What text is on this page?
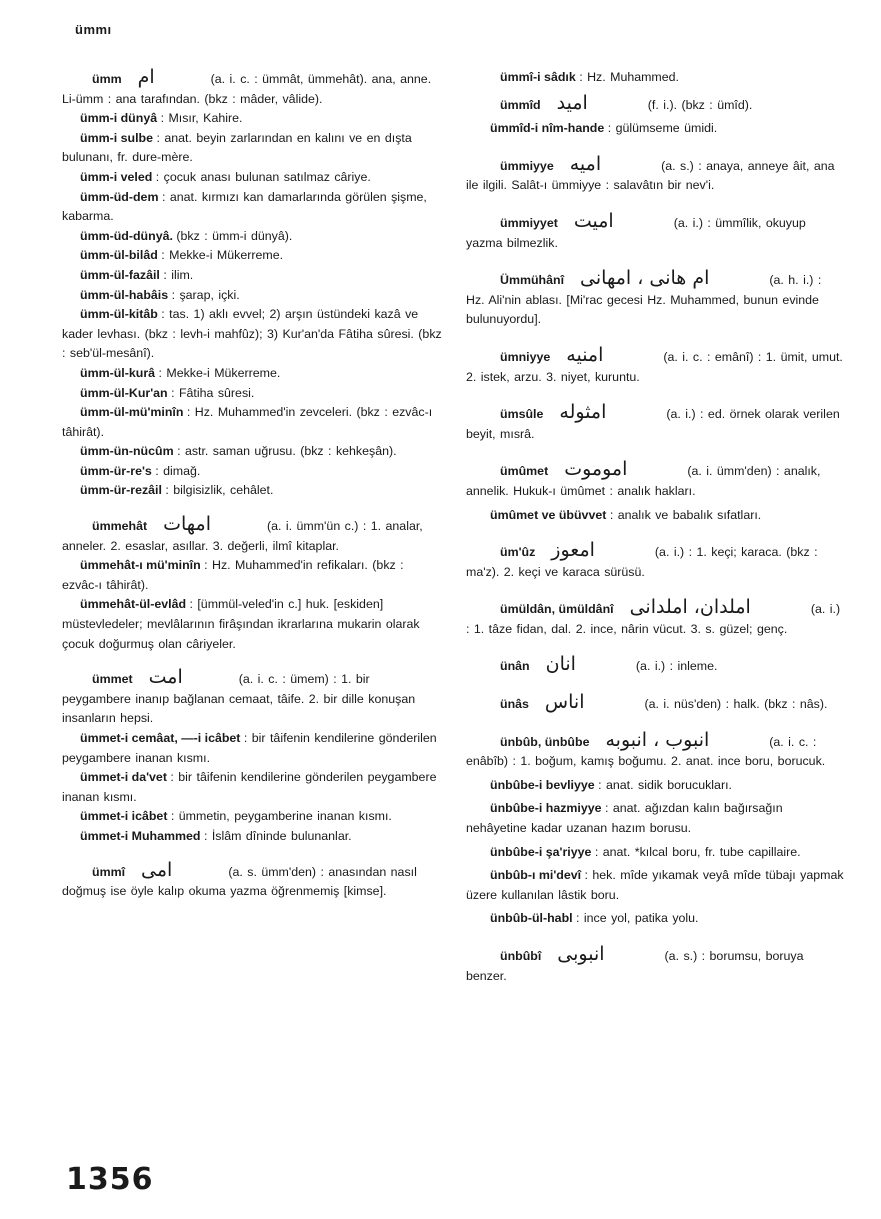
ümmı

ümm ام	(a. i. c. : ümmât, ümmehât). ana, anne. Li-ümm : ana tarafından. (bkz : mâder, vâlide).

ümm-i dünyâ : Mısır, Kahire.

ümm-i sulbe : anat. beyin zarlarından en kalını ve en dışta bulunanı, fr. dure-mère.

ümm-i veled : çocuk anası bulunan satılmaz câriye.

ümm-üd-dem : anat. kırmızı kan damarlarında görülen şişme, kabarma.

ümm-üd-dünyâ. (bkz : ümm-i dünyâ).

ümm-ül-bilâd : Mekke-i Mükerreme.

ümm-ül-fazâil : ilim.

ümm-ül-habâis : şarap, içki.

ümm-ül-kitâb : tas. 1) aklı evvel; 2) arşın üstündeki kazâ ve kader levhası. (bkz : levh-i mahfûz); 3) Kur'an'da Fâtiha sûresi. (bkz : seb'ül-mesânî).

ümm-ül-kurâ : Mekke-i Mükerreme.

ümm-ül-Kur'an : Fâtiha sûresi.

ümm-ül-mü'minîn : Hz. Muhammed'in zevceleri. (bkz : ezvâc-ı tâhirât).

ümm-ün-nücûm : astr. saman uğrusu. (bkz : kehkeşân).

ümm-ür-re's : dimağ.

ümm-ür-rezâil : bilgisizlik, cehâlet.

ümmehât امهات	(a. i. ümm'ün c.) : 1. analar, anneler. 2. esaslar, asıllar. 3. değerli, ilmî kitaplar.

ümmehât-ı mü'minîn : Hz. Muhammed'in refikaları. (bkz : ezvâc-ı tâhirât).

ümmehât-ül-evlâd : [ümmül-veled'in c.] huk. [eskiden] müstevledeler; mevlâlarının firâşından ikrarlarına mukarin olarak çocuk doğurmuş olan câriyeler.

ümmet امت	(a. i. c. : ümem) : 1. bir peygambere inanıp bağlanan cemaat, tâife. 2. bir dille konuşan insanların hepsi.

ümmet-i cemâat, —-i icâbet : bir tâifenin kendilerine gönderilen peygambere inanan kısmı.

ümmet-i da'vet : bir tâifenin kendilerine gönderilen peygambere inanan kısmı.

ümmet-i icâbet : ümmetin, peygamberine inanan kısmı.

ümmet-i Muhammed : İslâm dîninde bulunanlar.

ümmî امی	(a. s. ümm'den) : anasından nasıl doğmuş ise öyle kalıp okuma yazma öğrenmemiş [kimse].

ümmî-i sâdık : Hz. Muhammed.

ümmîd امید	(f. i.). (bkz : ümîd).

ümmîd-i nîm-hande : gülümseme ümidi.

ümmiyye امیه	(a. s.) : anaya, anneye âit, ana ile ilgili. Salât-ı ümmiyye : salavâtın bir nev'i.

ümmiyyet امیت	(a. i.) : ümmîlik, okuyup yazma bilmezlik.

Ümmühânî ام هانی ، امهانی	(a. h. i.) : Hz. Ali'nin ablası. [Mi'rac gecesi Hz. Muhammed, bunun evinde bulunuyordu].

ümniyye امنیه	(a. i. c. : emânî) : 1. ümit, umut. 2. istek, arzu. 3. niyet, kuruntu.

ümsûle امثوله	(a. i.) : ed. örnek olarak verilen beyit, mısrâ.

ümûmet اموموت	(a. i. ümm'den) : analık, annelik. Hukuk-ı ümûmet : analık hakları.

ümûmet ve übüvvet : analık ve babalık sıfatları.

üm'ûz امعوز	(a. i.) : 1. keçi; karaca. (bkz : ma'z). 2. keçi ve karaca sürüsü.

ümüldân, ümüldânî املدان، املدانی	(a. i.) : 1. tâze fidan, dal. 2. ince, nârin vücut. 3. s. güzel; genç.

ünân انان	(a. i.) : inleme.

ünâs اناس	(a. i. nüs'den) : halk. (bkz : nâs).

ünbûb, ünbûbe انبوب ، انبوبه	(a. i. c. : enâbîb) : 1. boğum, kamış boğumu. 2. anat. ince boru, borucuk.

ünbûbe-i bevliyye : anat. sidik borucukları.

ünbûbe-i hazmiyye : anat. ağızdan kalın bağırsağın nehâyetine kadar uzanan hazım borusu.

ünbûbe-i şa'riyye : anat. *kılcal boru, fr. tube capillaire.

ünbûb-ı mi'devî : hek. mîde yıkamak veyâ mîde tübajı yapmak üzere kullanılan lâstik boru.

ünbûb-ül-habl : ince yol, patika yolu.

ünbûbî انبوبی	(a. s.) : borumsu, boruya benzer.

1356
